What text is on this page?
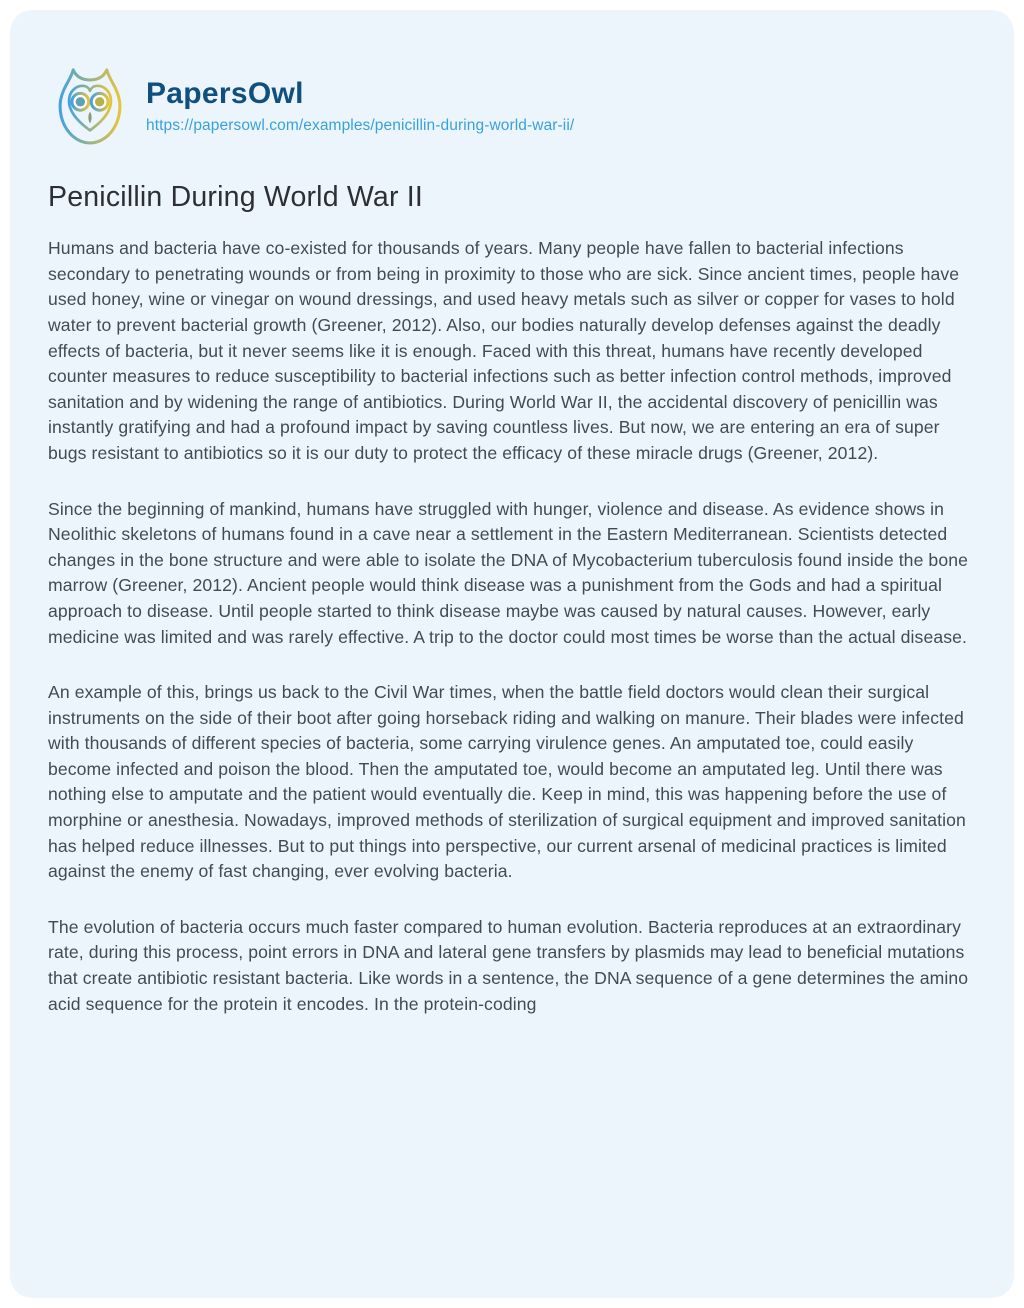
PapersOwl
https://papersowl.com/examples/penicillin-during-world-war-ii/
Penicillin During World War II

Humans and bacteria have co-existed for thousands of years. Many people have fallen to bacterial infections secondary to penetrating wounds or from being in proximity to those who are sick. Since ancient times, people have used honey, wine or vinegar on wound dressings, and used heavy metals such as silver or copper for vases to hold water to prevent bacterial growth (Greener, 2012). Also, our bodies naturally develop defenses against the deadly effects of bacteria, but it never seems like it is enough. Faced with this threat, humans have recently developed counter measures to reduce susceptibility to bacterial infections such as better infection control methods, improved sanitation and by widening the range of antibiotics. During World War II, the accidental discovery of penicillin was instantly gratifying and had a profound impact by saving countless lives. But now, we are entering an era of super bugs resistant to antibiotics so it is our duty to protect the efficacy of these miracle drugs (Greener, 2012).

Since the beginning of mankind, humans have struggled with hunger, violence and disease. As evidence shows in Neolithic skeletons of humans found in a cave near a settlement in the Eastern Mediterranean. Scientists detected changes in the bone structure and were able to isolate the DNA of Mycobacterium tuberculosis found inside the bone marrow (Greener, 2012). Ancient people would think disease was a punishment from the Gods and had a spiritual approach to disease. Until people started to think disease maybe was caused by natural causes. However, early medicine was limited and was rarely effective. A trip to the doctor could most times be worse than the actual disease.

An example of this, brings us back to the Civil War times, when the battle field doctors would clean their surgical instruments on the side of their boot after going horseback riding and walking on manure. Their blades were infected with thousands of different species of bacteria, some carrying virulence genes. An amputated toe, could easily become infected and poison the blood. Then the amputated toe, would become an amputated leg. Until there was nothing else to amputate and the patient would eventually die. Keep in mind, this was happening before the use of morphine or anesthesia. Nowadays, improved methods of sterilization of surgical equipment and improved sanitation has helped reduce illnesses. But to put things into perspective, our current arsenal of medicinal practices is limited against the enemy of fast changing, ever evolving bacteria.

The evolution of bacteria occurs much faster compared to human evolution. Bacteria reproduces at an extraordinary rate, during this process, point errors in DNA and lateral gene transfers by plasmids may lead to beneficial mutations that create antibiotic resistant bacteria. Like words in a sentence, the DNA sequence of a gene determines the amino acid sequence for the protein it encodes. In the protein-coding
